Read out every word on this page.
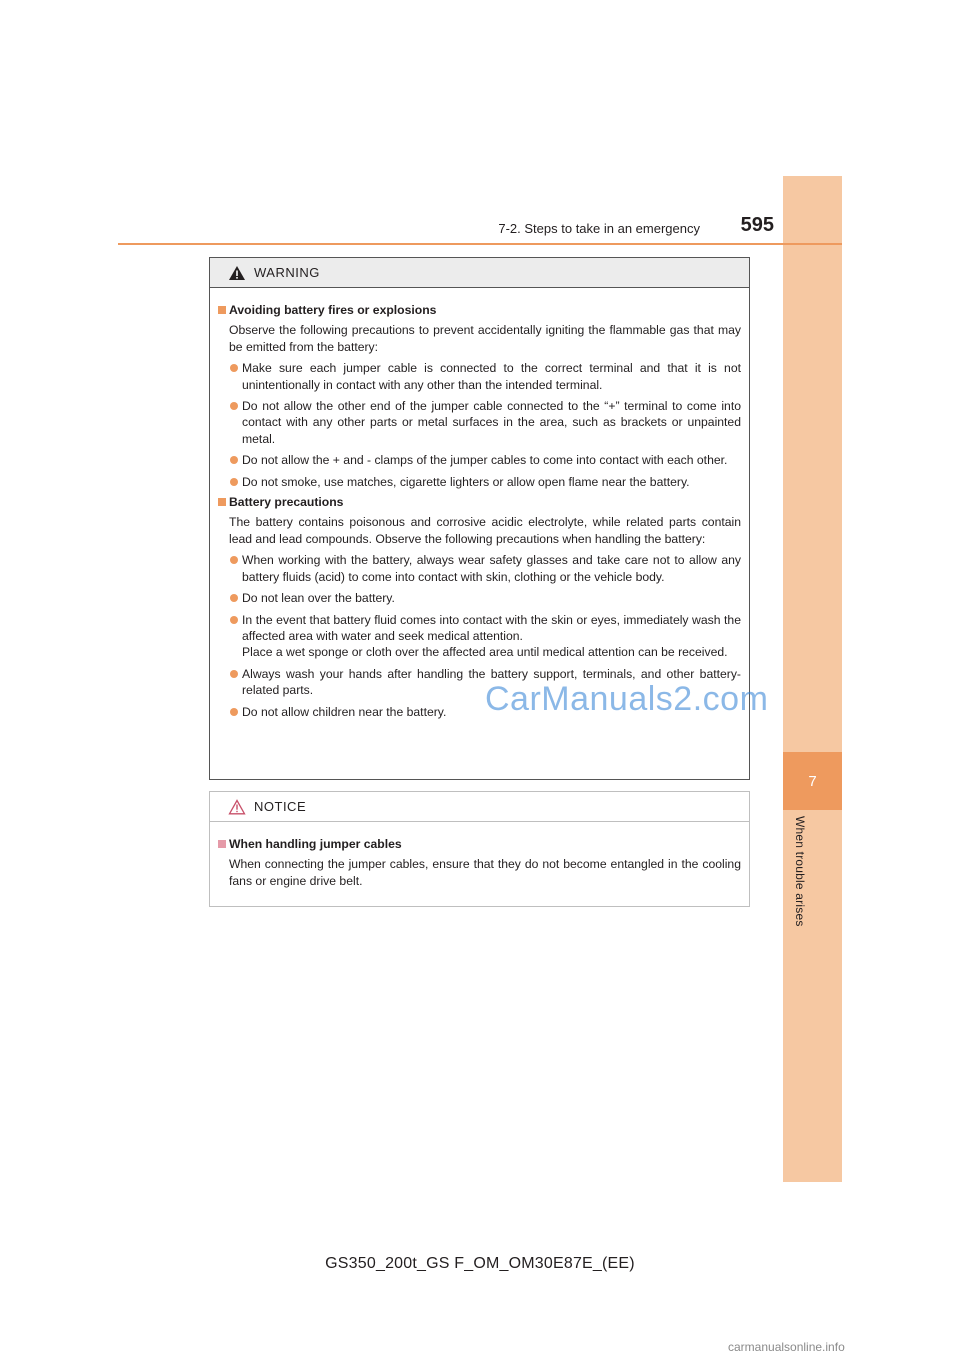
7
When trouble arises
7-2. Steps to take in an emergency	595
WARNING
Avoiding battery fires or explosions
Observe the following precautions to prevent accidentally igniting the flammable gas that may be emitted from the battery:
Make sure each jumper cable is connected to the correct terminal and that it is not unintentionally in contact with any other than the intended terminal.
Do not allow the other end of the jumper cable connected to the “+” terminal to come into contact with any other parts or metal surfaces in the area, such as brackets or unpainted metal.
Do not allow the + and - clamps of the jumper cables to come into contact with each other.
Do not smoke, use matches, cigarette lighters or allow open flame near the battery.
Battery precautions
The battery contains poisonous and corrosive acidic electrolyte, while related parts contain lead and lead compounds. Observe the following precautions when handling the battery:
When working with the battery, always wear safety glasses and take care not to allow any battery fluids (acid) to come into contact with skin, clothing or the vehicle body.
Do not lean over the battery.
In the event that battery fluid comes into contact with the skin or eyes, immediately wash the affected area with water and seek medical attention.
Place a wet sponge or cloth over the affected area until medical attention can be received.
Always wash your hands after handling the battery support, terminals, and other battery-related parts.
Do not allow children near the battery.
NOTICE
When handling jumper cables
When connecting the jumper cables, ensure that they do not become entangled in the cooling fans or engine drive belt.
CarManuals2.com
GS350_200t_GS F_OM_OM30E87E_(EE)
carmanualsonline.info
